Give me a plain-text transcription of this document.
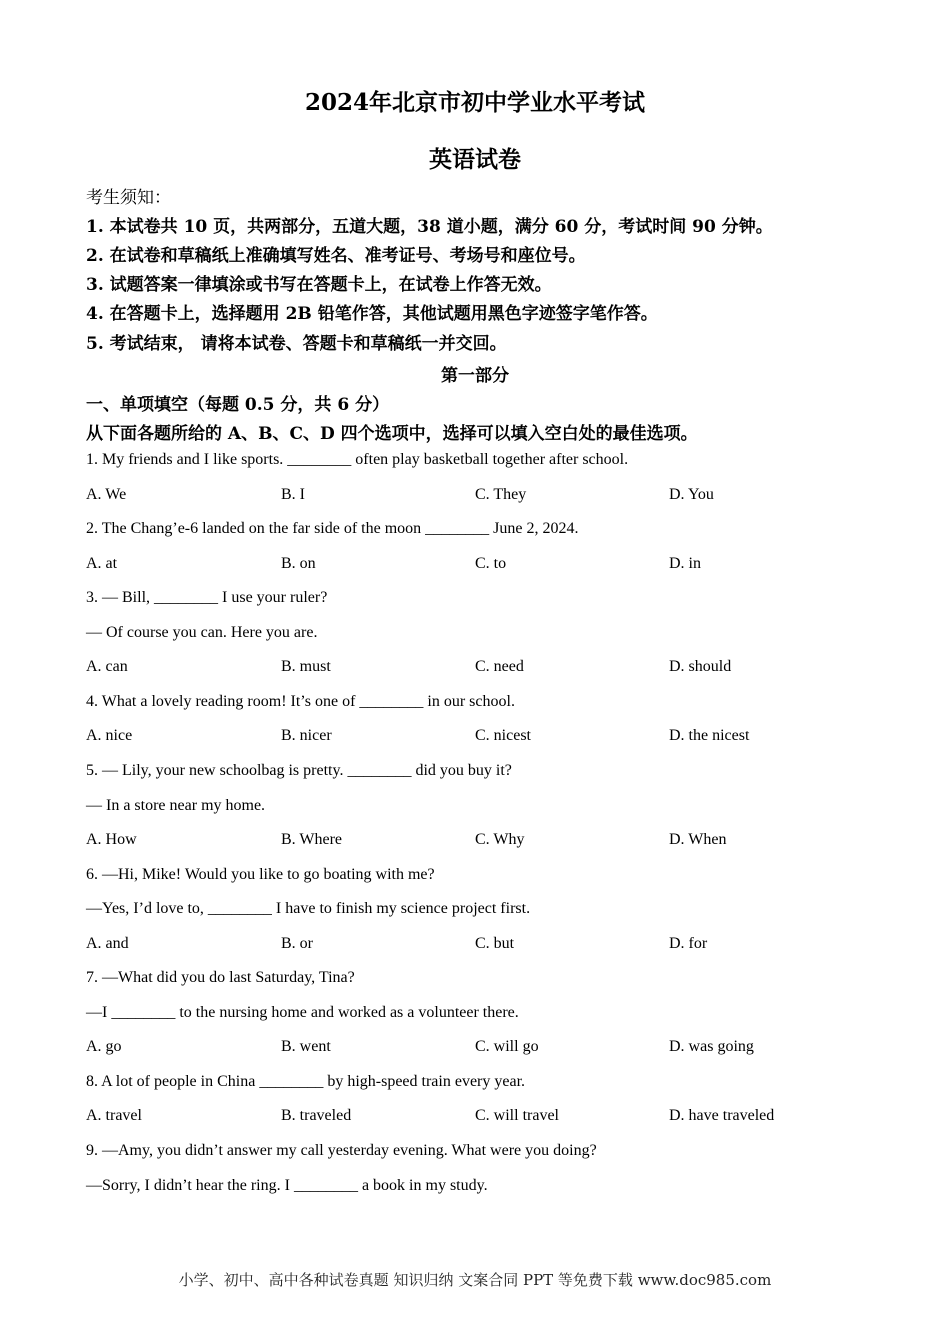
2024年北京市初中学业水平考试
英语试卷
考生须知：
1. 本试卷共 10 页，共两部分，五道大题，38 道小题，满分 60 分，考试时间 90 分钟。
2. 在试卷和草稿纸上准确填写姓名、准考证号、考场号和座位号。
3. 试题答案一律填涂或书写在答题卡上，在试卷上作答无效。
4. 在答题卡上，选择题用 2B 铅笔作答，其他试题用黑色字迹签字笔作答。
5. 考试结束， 请将本试卷、答题卡和草稿纸一并交回。
第一部分
一、单项填空（每题 0.5 分，共 6 分）
从下面各题所给的 A、B、C、D 四个选项中，选择可以填入空白处的最佳选项。
1. My friends and I like sports. ________ often play basketball together after school.
A. We	B. I	C. They	D. You
2. The Chang’e-6 landed on the far side of the moon ________ June 2, 2024.
A. at	B. on	C. to	D. in
3. — Bill, ________ I use your ruler?
— Of course you can. Here you are.
A. can	B. must	C. need	D. should
4. What a lovely reading room! It’s one of ________ in our school.
A. nice	B. nicer	C. nicest	D. the nicest
5. — Lily, your new schoolbag is pretty. ________ did you buy it?
— In a store near my home.
A. How	B. Where	C. Why	D. When
6. —Hi, Mike! Would you like to go boating with me?
—Yes, I’d love to, ________ I have to finish my science project first.
A. and	B. or	C. but	D. for
7. —What did you do last Saturday, Tina?
—I ________ to the nursing home and worked as a volunteer there.
A. go	B. went	C. will go	D. was going
8. A lot of people in China ________ by high-speed train every year.
A. travel	B. traveled	C. will travel	D. have traveled
9. —Amy, you didn’t answer my call yesterday evening. What were you doing?
—Sorry, I didn’t hear the ring. I ________ a book in my study.
小学、初中、高中各种试卷真题 知识归纳 文案合同 PPT 等免费下载 www.doc985.com
